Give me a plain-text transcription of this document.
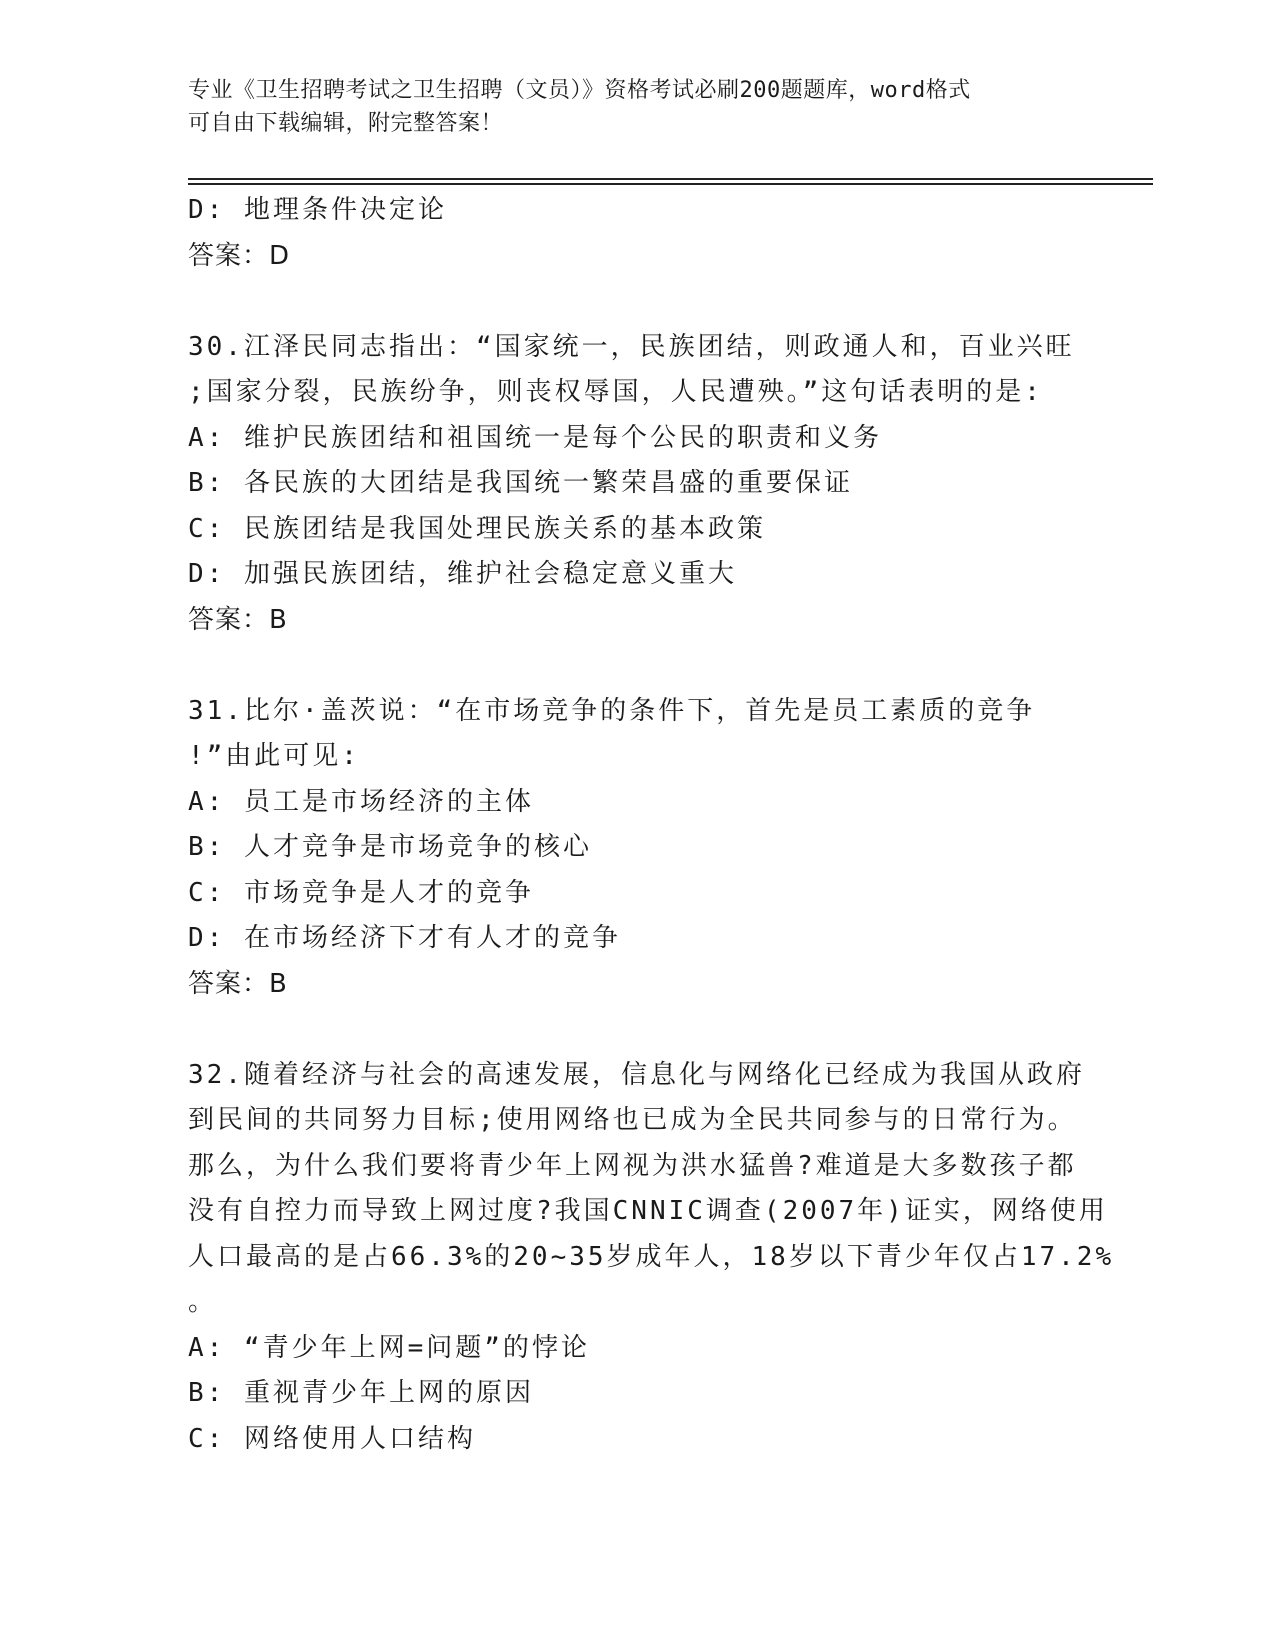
专业《卫生招聘考试之卫生招聘（文员）》资格考试必刷200题题库，word格式
可自由下载编辑，附完整答案！
D: 地理条件决定论
答案：D
30.江泽民同志指出：“国家统一，民族团结，则政通人和，百业兴旺
;国家分裂，民族纷争，则丧权辱国，人民遭殃。”这句话表明的是:
A: 维护民族团结和祖国统一是每个公民的职责和义务
B: 各民族的大团结是我国统一繁荣昌盛的重要保证
C: 民族团结是我国处理民族关系的基本政策
D: 加强民族团结，维护社会稳定意义重大
答案：B
31.比尔·盖茨说：“在市场竞争的条件下，首先是员工素质的竞争
!”由此可见:
A: 员工是市场经济的主体
B: 人才竞争是市场竞争的核心
C: 市场竞争是人才的竞争
D: 在市场经济下才有人才的竞争
答案：B
32.随着经济与社会的高速发展，信息化与网络化已经成为我国从政府
到民间的共同努力目标;使用网络也已成为全民共同参与的日常行为。
那么，为什么我们要将青少年上网视为洪水猛兽?难道是大多数孩子都
没有自控力而导致上网过度?我国CNNIC调查(2007年)证实，网络使用
人口最高的是占66.3%的20~35岁成年人，18岁以下青少年仅占17.2%
。
A: “青少年上网=问题”的悖论
B: 重视青少年上网的原因
C: 网络使用人口结构
